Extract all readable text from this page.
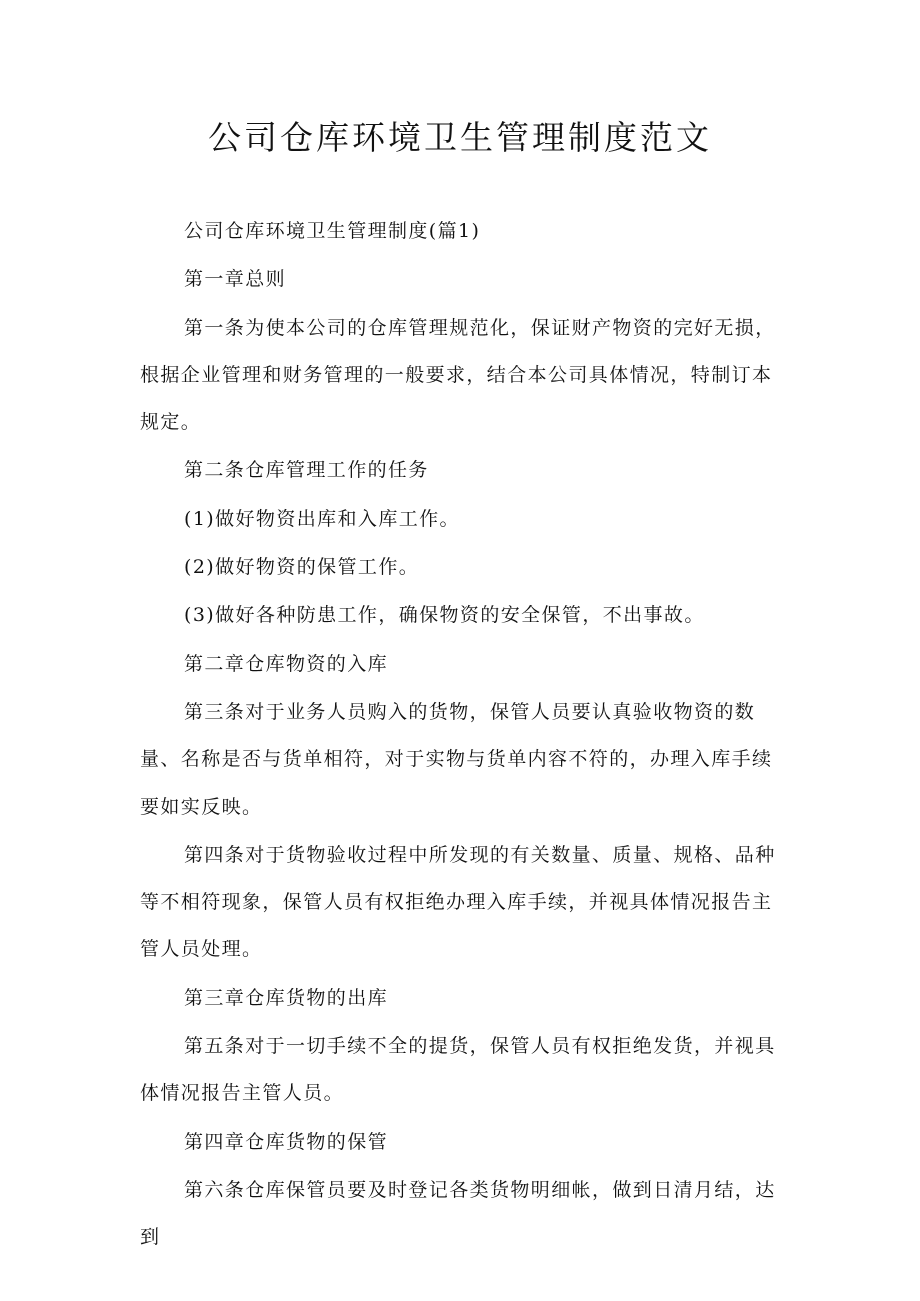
公司仓库环境卫生管理制度范文

公司仓库环境卫生管理制度(篇1)

第一章总则

第一条为使本公司的仓库管理规范化，保证财产物资的完好无损，根据企业管理和财务管理的一般要求，结合本公司具体情况，特制订本规定。

第二条仓库管理工作的任务

(1)做好物资出库和入库工作。

(2)做好物资的保管工作。

(3)做好各种防患工作，确保物资的安全保管，不出事故。

第二章仓库物资的入库

第三条对于业务人员购入的货物，保管人员要认真验收物资的数量、名称是否与货单相符，对于实物与货单内容不符的，办理入库手续要如实反映。

第四条对于货物验收过程中所发现的有关数量、质量、规格、品种等不相符现象，保管人员有权拒绝办理入库手续，并视具体情况报告主管人员处理。

第三章仓库货物的出库

第五条对于一切手续不全的提货，保管人员有权拒绝发货，并视具体情况报告主管人员。

第四章仓库货物的保管

第六条仓库保管员要及时登记各类货物明细帐，做到日清月结，达到
